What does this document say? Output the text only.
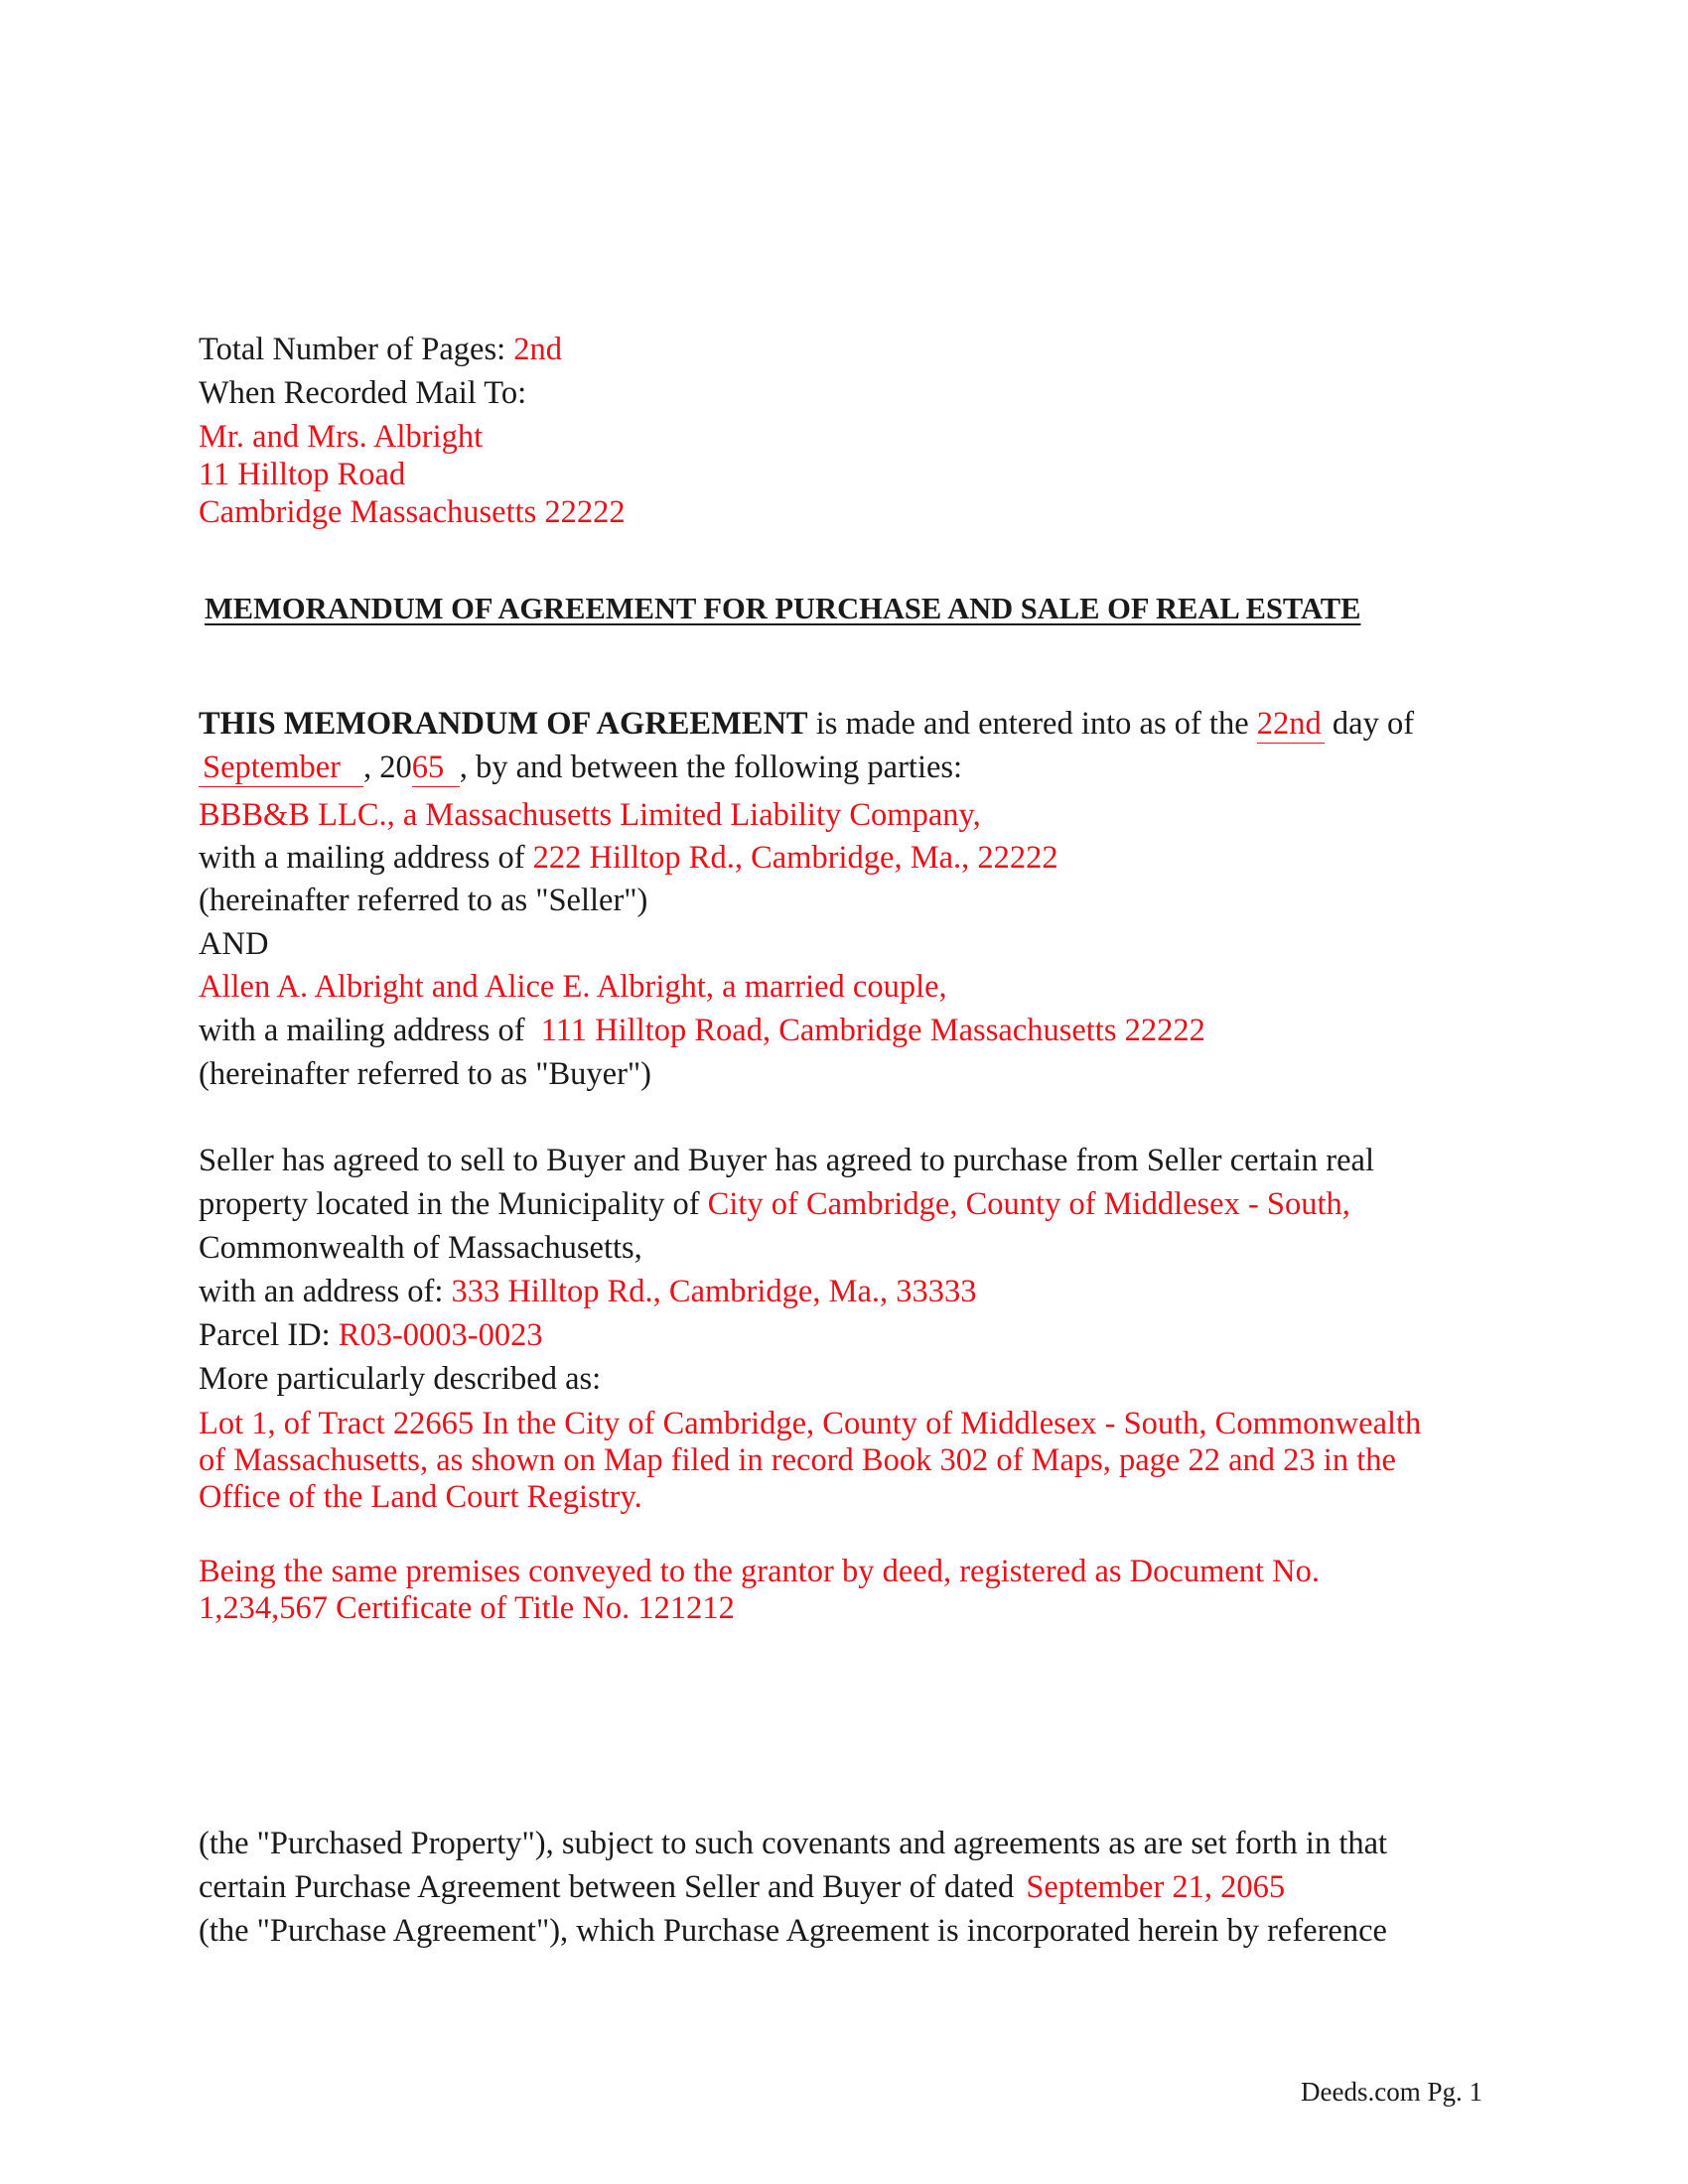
Total Number of Pages: 2nd
When Recorded Mail To:
Mr. and Mrs. Albright
11 Hilltop Road
Cambridge Massachusetts 22222
MEMORANDUM OF AGREEMENT FOR PURCHASE AND SALE OF REAL ESTATE
THIS MEMORANDUM OF AGREEMENT is made and entered into as of the 22nd day of
September , 2065 , by and between the following parties:
BBB&B LLC., a Massachusetts Limited Liability Company,
with a mailing address of 222 Hilltop Rd., Cambridge, Ma., 22222
(hereinafter referred to as "Seller")
AND
Allen A. Albright and Alice E. Albright, a married couple,
with a mailing address of 111 Hilltop Road, Cambridge Massachusetts 22222
(hereinafter referred to as "Buyer")
Seller has agreed to sell to Buyer and Buyer has agreed to purchase from Seller certain real
property located in the Municipality of City of Cambridge, County of Middlesex - South,
Commonwealth of Massachusetts,
with an address of: 333 Hilltop Rd., Cambridge, Ma., 33333
Parcel ID: R03-0003-0023
More particularly described as:
Lot 1, of Tract 22665 In the City of Cambridge, County of Middlesex - South, Commonwealth
of Massachusetts, as shown on Map filed in record Book 302 of Maps, page 22 and 23 in the
Office of the Land Court Registry.
Being the same premises conveyed to the grantor by deed, registered as Document No.
1,234,567 Certificate of Title No. 121212
(the "Purchased Property"), subject to such covenants and agreements as are set forth in that
certain Purchase Agreement between Seller and Buyer of dated September 21, 2065
(the "Purchase Agreement"), which Purchase Agreement is incorporated herein by reference
Deeds.com Pg. 1
